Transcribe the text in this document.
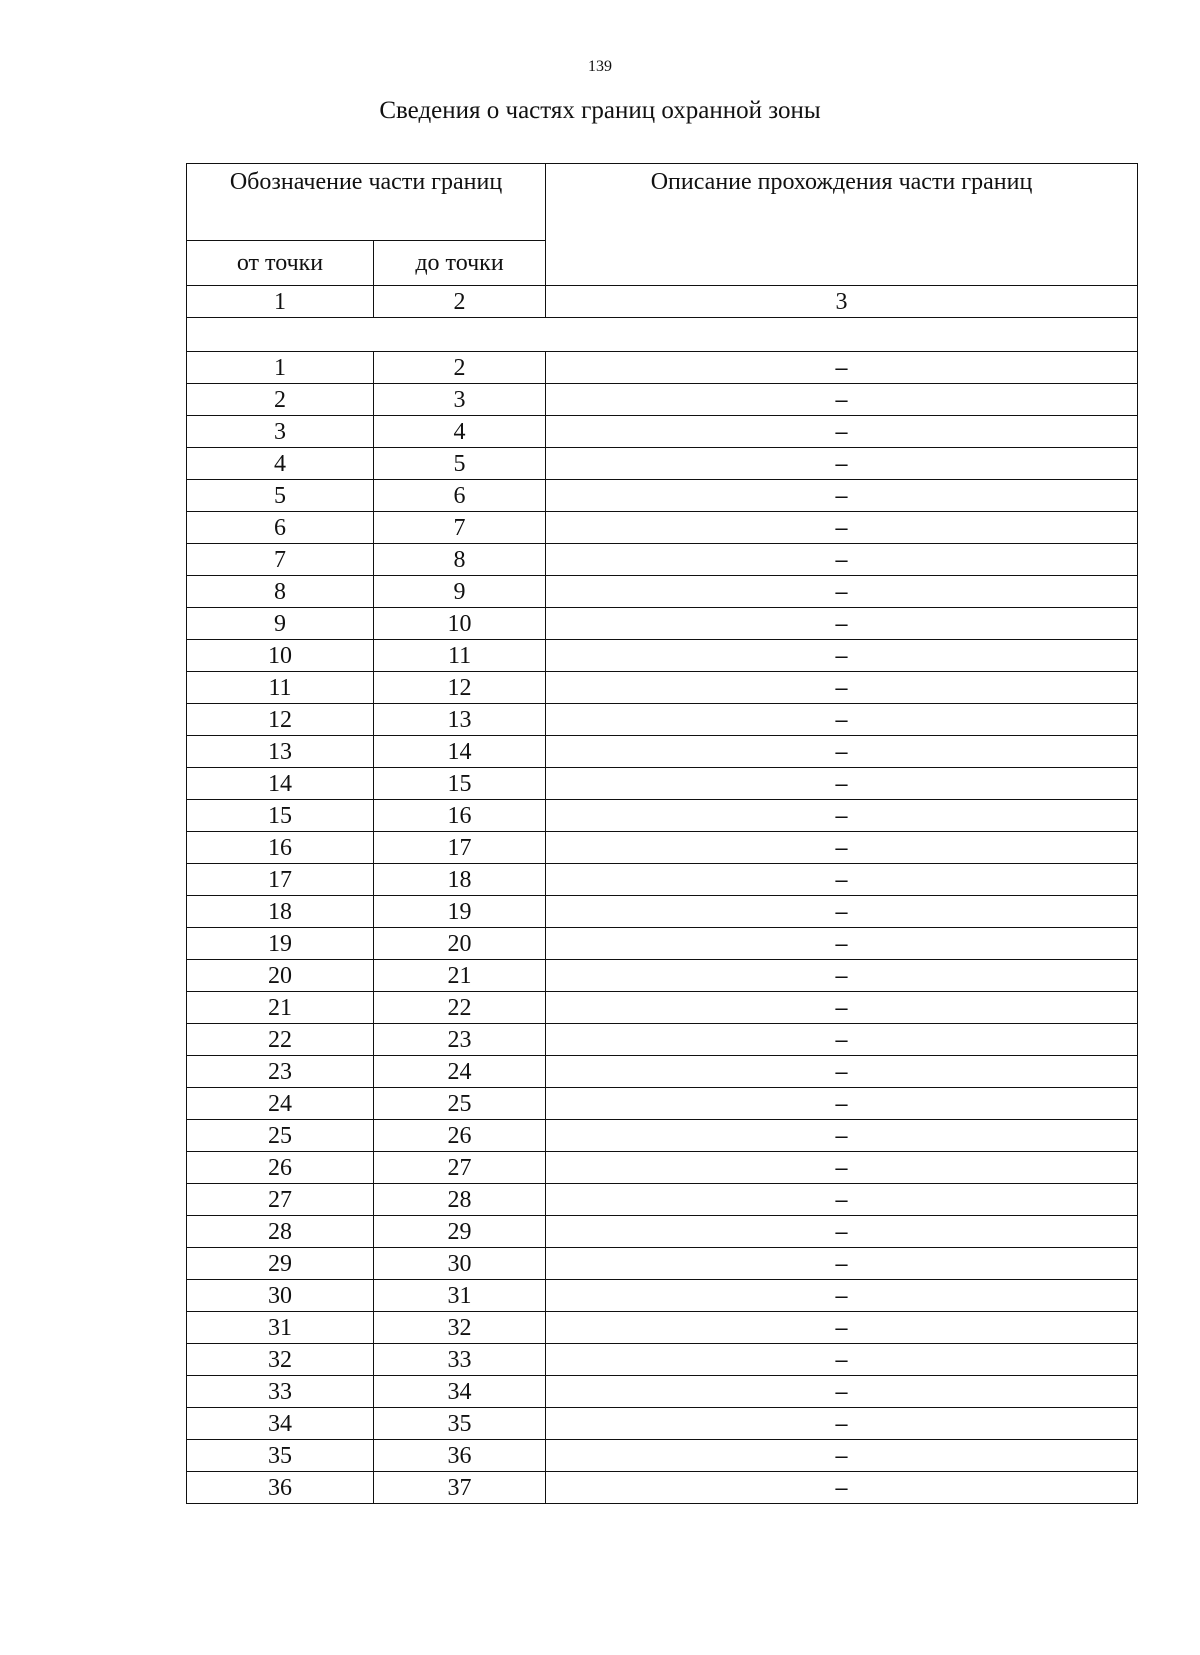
139
Сведения о частях границ охранной зоны
Обозначение части границ		Описание прохождения части границ
от точки	до точки	
1	2	3

1	2	–
2	3	–
3	4	–
4	5	–
5	6	–
6	7	–
7	8	–
8	9	–
9	10	–
10	11	–
11	12	–
12	13	–
13	14	–
14	15	–
15	16	–
16	17	–
17	18	–
18	19	–
19	20	–
20	21	–
21	22	–
22	23	–
23	24	–
24	25	–
25	26	–
26	27	–
27	28	–
28	29	–
29	30	–
30	31	–
31	32	–
32	33	–
33	34	–
34	35	–
35	36	–
36	37	–
